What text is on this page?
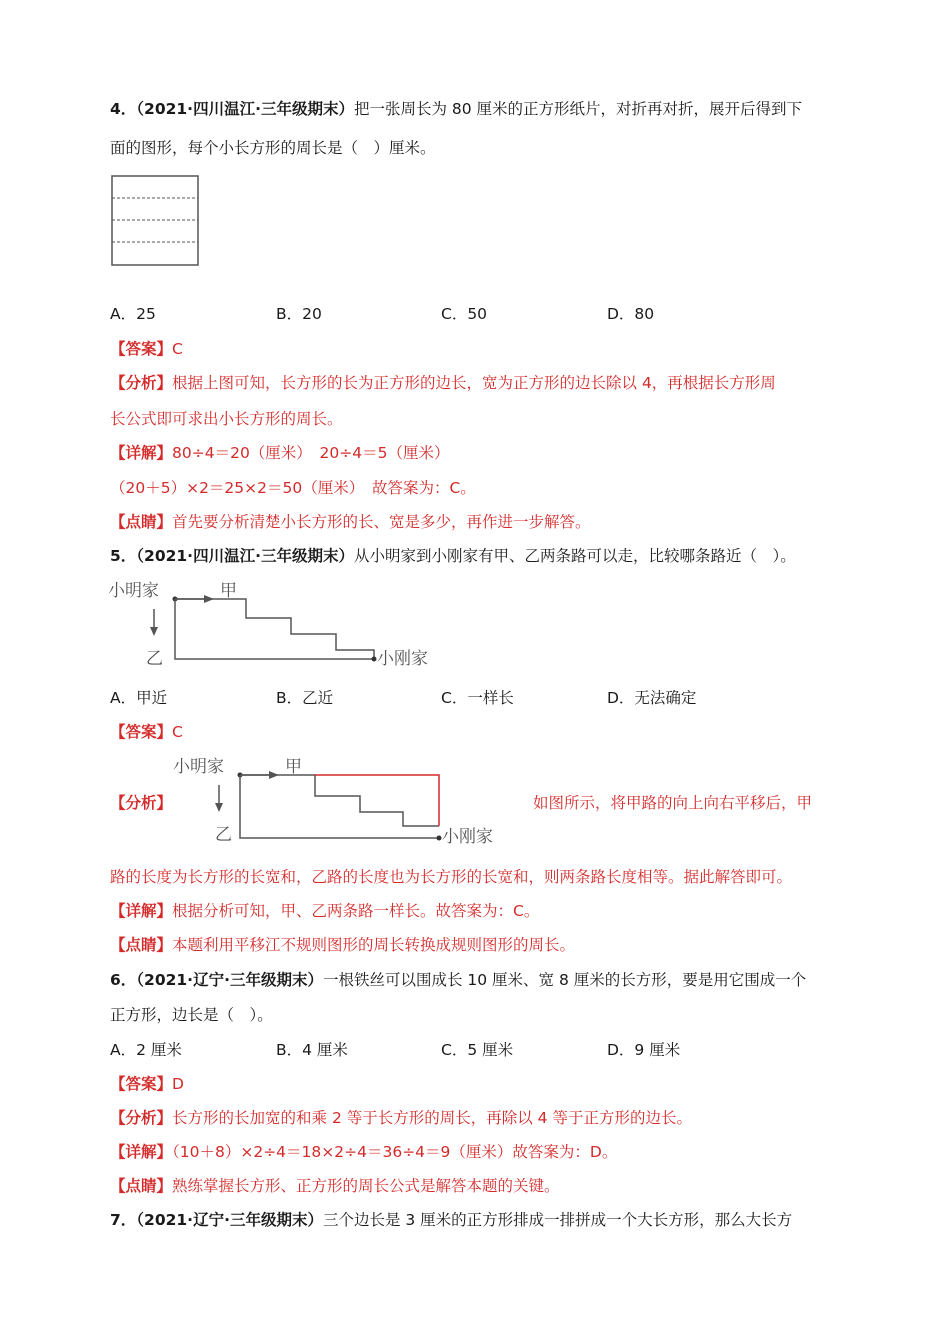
4．（2021·四川温江·三年级期末）把一张周长为 80 厘米的正方形纸片，对折再对折，展开后得到下
面的图形，每个小长方形的周长是（　）厘米。
A．25	B．20	C．50	D．80
【答案】C
【分析】根据上图可知，长方形的长为正方形的边长，宽为正方形的边长除以 4，再根据长方形周
长公式即可求出小长方形的周长。
【详解】80÷4＝20（厘米）　20÷4＝5（厘米）
（20＋5）×2＝25×2＝50（厘米）　故答案为：C。
【点睛】首先要分析清楚小长方形的长、宽是多少，再作进一步解答。
5．（2021·四川温江·三年级期末）从小明家到小刚家有甲、乙两条路可以走，比较哪条路近（　）。
小明家	甲
乙	小刚家
A．甲近	B．乙近	C．一样长	D．无法确定
【答案】C
小明家	甲
乙	小刚家
【分析】	如图所示，将甲路的向上向右平移后，甲
路的长度为长方形的长宽和，乙路的长度也为长方形的长宽和，则两条路长度相等。据此解答即可。
【详解】根据分析可知，甲、乙两条路一样长。故答案为：C。
【点睛】本题利用平移江不规则图形的周长转换成规则图形的周长。
6．（2021·辽宁·三年级期末）一根铁丝可以围成长 10 厘米、宽 8 厘米的长方形，要是用它围成一个
正方形，边长是（　）。
A．2 厘米	B．4 厘米	C．5 厘米	D．9 厘米
【答案】D
【分析】长方形的长加宽的和乘 2 等于长方形的周长，再除以 4 等于正方形的边长。
【详解】（10＋8）×2÷4＝18×2÷4＝36÷4＝9（厘米）故答案为：D。
【点睛】熟练掌握长方形、正方形的周长公式是解答本题的关键。
7．（2021·辽宁·三年级期末）三个边长是 3 厘米的正方形排成一排拼成一个大长方形，那么大长方
